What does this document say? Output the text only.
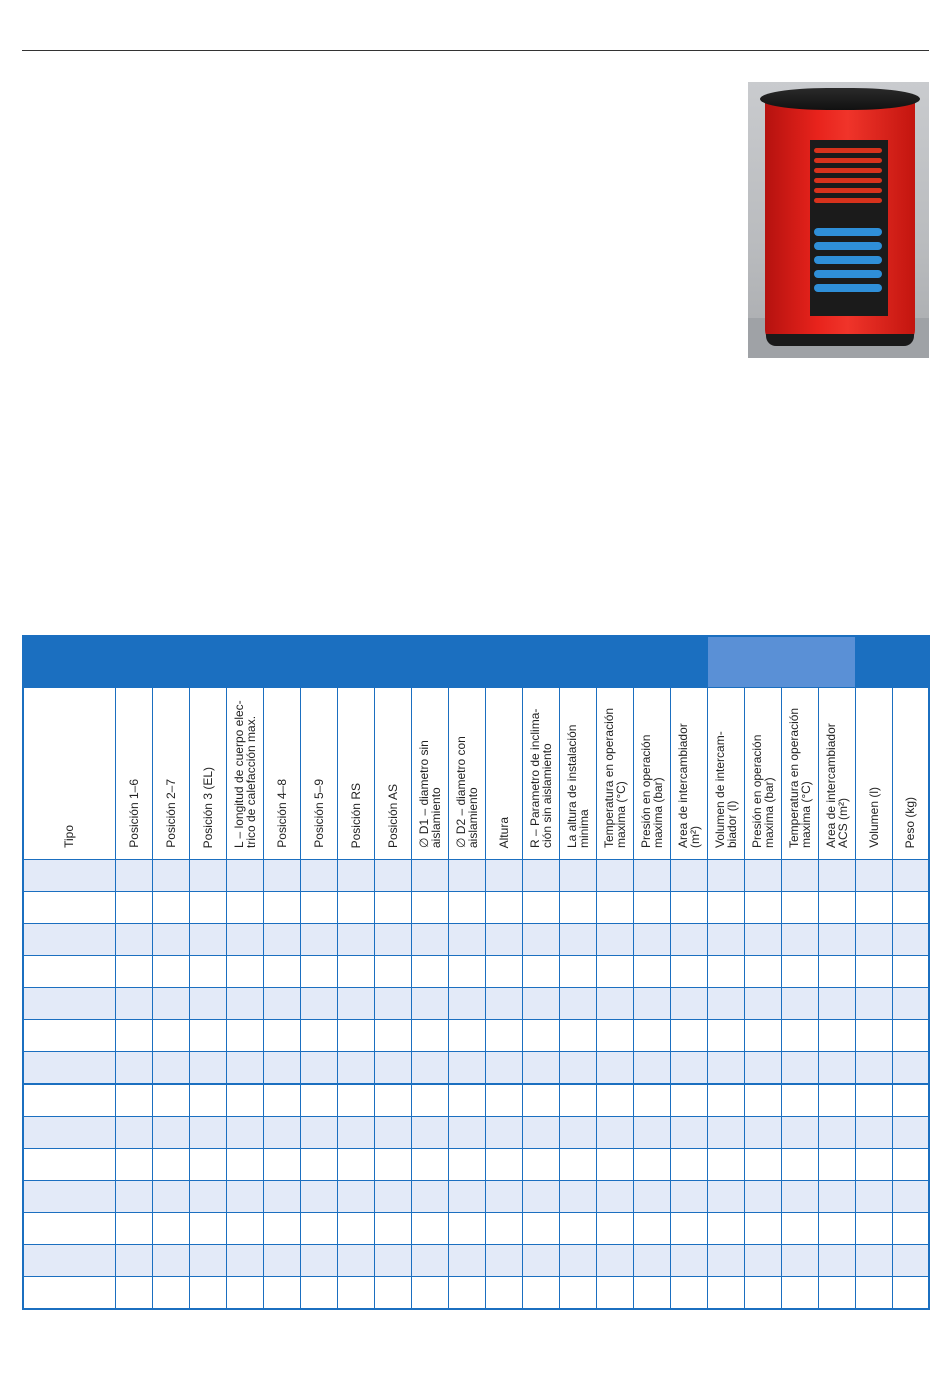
Tipo	Posición 1–6	Posición 2–7	Posición 3 (EL)	L – longitud de cuerpo elec-trico de calefacción max.	Posición 4–8	Posición 5–9	Posición RS	Posición AS	∅ D1 – diametro sin aislamiento	∅ D2 – diametro con aislamiento	Altura	R – Parametro de inclima-ción sin aislamiento	La altura de instalación minima	Temperatura en operación maxima (°C)	Presión en operación maxima (bar)	Area de intercambiador (m²)	Volumen de intercam-biador (l)	Presión en operación maxima (bar)	Temperatura en operación maxima (°C)	Area de intercambiador ACS (m²)	Volumen (l)	Peso (kg)
